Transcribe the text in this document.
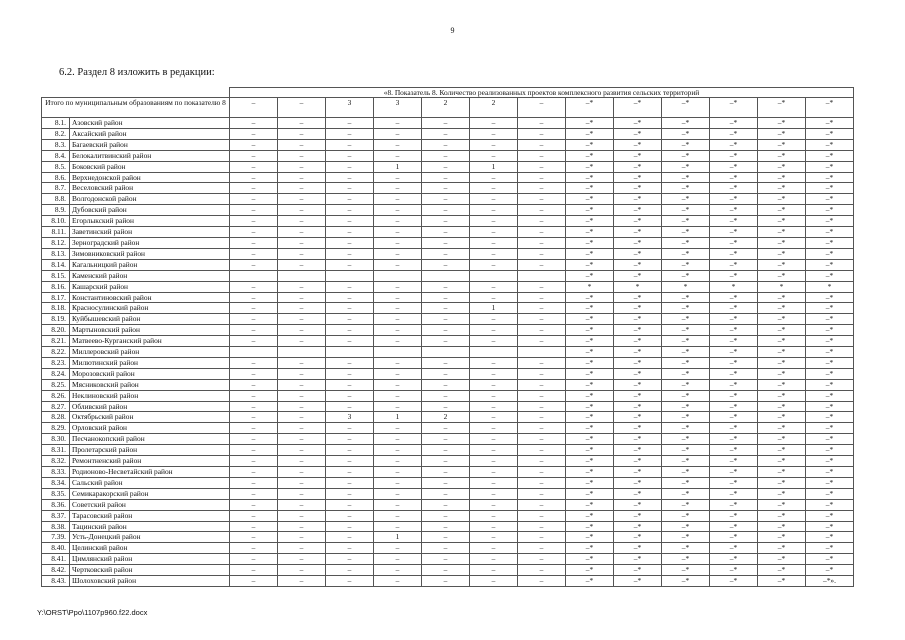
9
6.2. Раздел 8 изложить в редакции:
		«8. Показатель 8. Количество реализованных проектов комплексного развития сельских территорий												
Итого по муниципальным образованиям по показателю 8		–	–	3	3	2	2	–	–*	–*	–*	–*	–*	–*
8.1.	Азовский район	–	–	–	–	–	–	–	–*	–*	–*	–*	–*	–*
8.2.	Аксайский район	–	–	–	–	–	–	–	–*	–*	–*	–*	–*	–*
8.3.	Багаевский район	–	–	–	–	–	–	–	–*	–*	–*	–*	–*	–*
8.4.	Белокалитвинский район	–	–	–	–	–	–	–	–*	–*	–*	–*	–*	–*
8.5.	Боковский район	–	–	–	1	–	1	–	–*	–*	–*	–*	–*	–*
8.6.	Верхнедонской район	–	–	–	–	–	–	–	–*	–*	–*	–*	–*	–*
8.7.	Веселовский район	–	–	–	–	–	–	–	–*	–*	–*	–*	–*	–*
8.8.	Волгодонской район	–	–	–	–	–	–	–	–*	–*	–*	–*	–*	–*
8.9.	Дубовский район	–	–	–	–	–	–	–	–*	–*	–*	–*	–*	–*
8.10.	Егорлыкский район	–	–	–	–	–	–	–	–*	–*	–*	–*	–*	–*
8.11.	Заветинский район	–	–	–	–	–	–	–	–*	–*	–*	–*	–*	–*
8.12.	Зерноградский район	–	–	–	–	–	–	–	–*	–*	–*	–*	–*	–*
8.13.	Зимовниковский район	–	–	–	–	–	–	–	–*	–*	–*	–*	–*	–*
8.14.	Кагальницкий район	–	–	–	–	–	–	–	–*	–*	–*	–*	–*	–*
8.15.	Каменский район								–*	–*	–*	–*	–*	–*
8.16.	Кашарский район	–	–	–	–	–	–	–	*	*	*	*	*	*
8.17.	Константиновский район	–	–	–	–	–	–	–	–*	–*	–*	–*	–*	–*
8.18.	Красносулинский район	–	–	–	–	–	1	–	–*	–*	–*	–*	–*	–*
8.19.	Куйбышевский район	–	–	–	–	–	–	–	–*	–*	–*	–*	–*	–*
8.20.	Мартыновский район	–	–	–	–	–	–	–	–*	–*	–*	–*	–*	–*
8.21.	Матвеево-Курганский район	–	–	–	–	–	–	–	–*	–*	–*	–*	–*	–*
8.22.	Миллеровский район								–*	–*	–*	–*	–*	–*
8.23.	Милютинский район	–	–	–	–	–	–	–	–*	–*	–*	–*	–*	–*
8.24.	Морозовский район	–	–	–	–	–	–	–	–*	–*	–*	–*	–*	–*
8.25.	Мясниковский район	–	–	–	–	–	–	–	–*	–*	–*	–*	–*	–*
8.26.	Неклиновский район	–	–	–	–	–	–	–	–*	–*	–*	–*	–*	–*
8.27.	Обливский район	–	–	–	–	–	–	–	–*	–*	–*	–*	–*	–*
8.28.	Октябрьский район	–	–	3	1	2	–	–	–*	–*	–*	–*	–*	–*
8.29.	Орловский район	–	–	–	–	–	–	–	–*	–*	–*	–*	–*	–*
8.30.	Песчанокопский район	–	–	–	–	–	–	–	–*	–*	–*	–*	–*	–*
8.31.	Пролетарский район	–	–	–	–	–	–	–	–*	–*	–*	–*	–*	–*
8.32.	Ремонтненский район	–	–	–	–	–	–	–	–*	–*	–*	–*	–*	–*
8.33.	Родионово-Несветайский район	–	–	–	–	–	–	–	–*	–*	–*	–*	–*	–*
8.34.	Сальский район	–	–	–	–	–	–	–	–*	–*	–*	–*	–*	–*
8.35.	Семикаракорский район	–	–	–	–	–	–	–	–*	–*	–*	–*	–*	–*
8.36.	Советский район	–	–	–	–	–	–	–	–*	–*	–*	–*	–*	–*
8.37.	Тарасовский район	–	–	–	–	–	–	–	–*	–*	–*	–*	–*	–*
8.38.	Тацинский район	–	–	–	–	–	–	–	–*	–*	–*	–*	–*	–*
7.39.	Усть-Донецкий район	–	–	–	1	–	–	–	–*	–*	–*	–*	–*	–*
8.40.	Целинский район	–	–	–	–	–	–	–	–*	–*	–*	–*	–*	–*
8.41.	Цимлянский район	–	–	–	–	–	–	–	–*	–*	–*	–*	–*	–*
8.42.	Чертковский район	–	–	–	–	–	–	–	–*	–*	–*	–*	–*	–*
8.43.	Шолоховский район	–	–	–	–	–	–	–	–*	–*	–*	–*	–*	–*».
Y:\ORST\Ppo\1107p960.f22.docx
